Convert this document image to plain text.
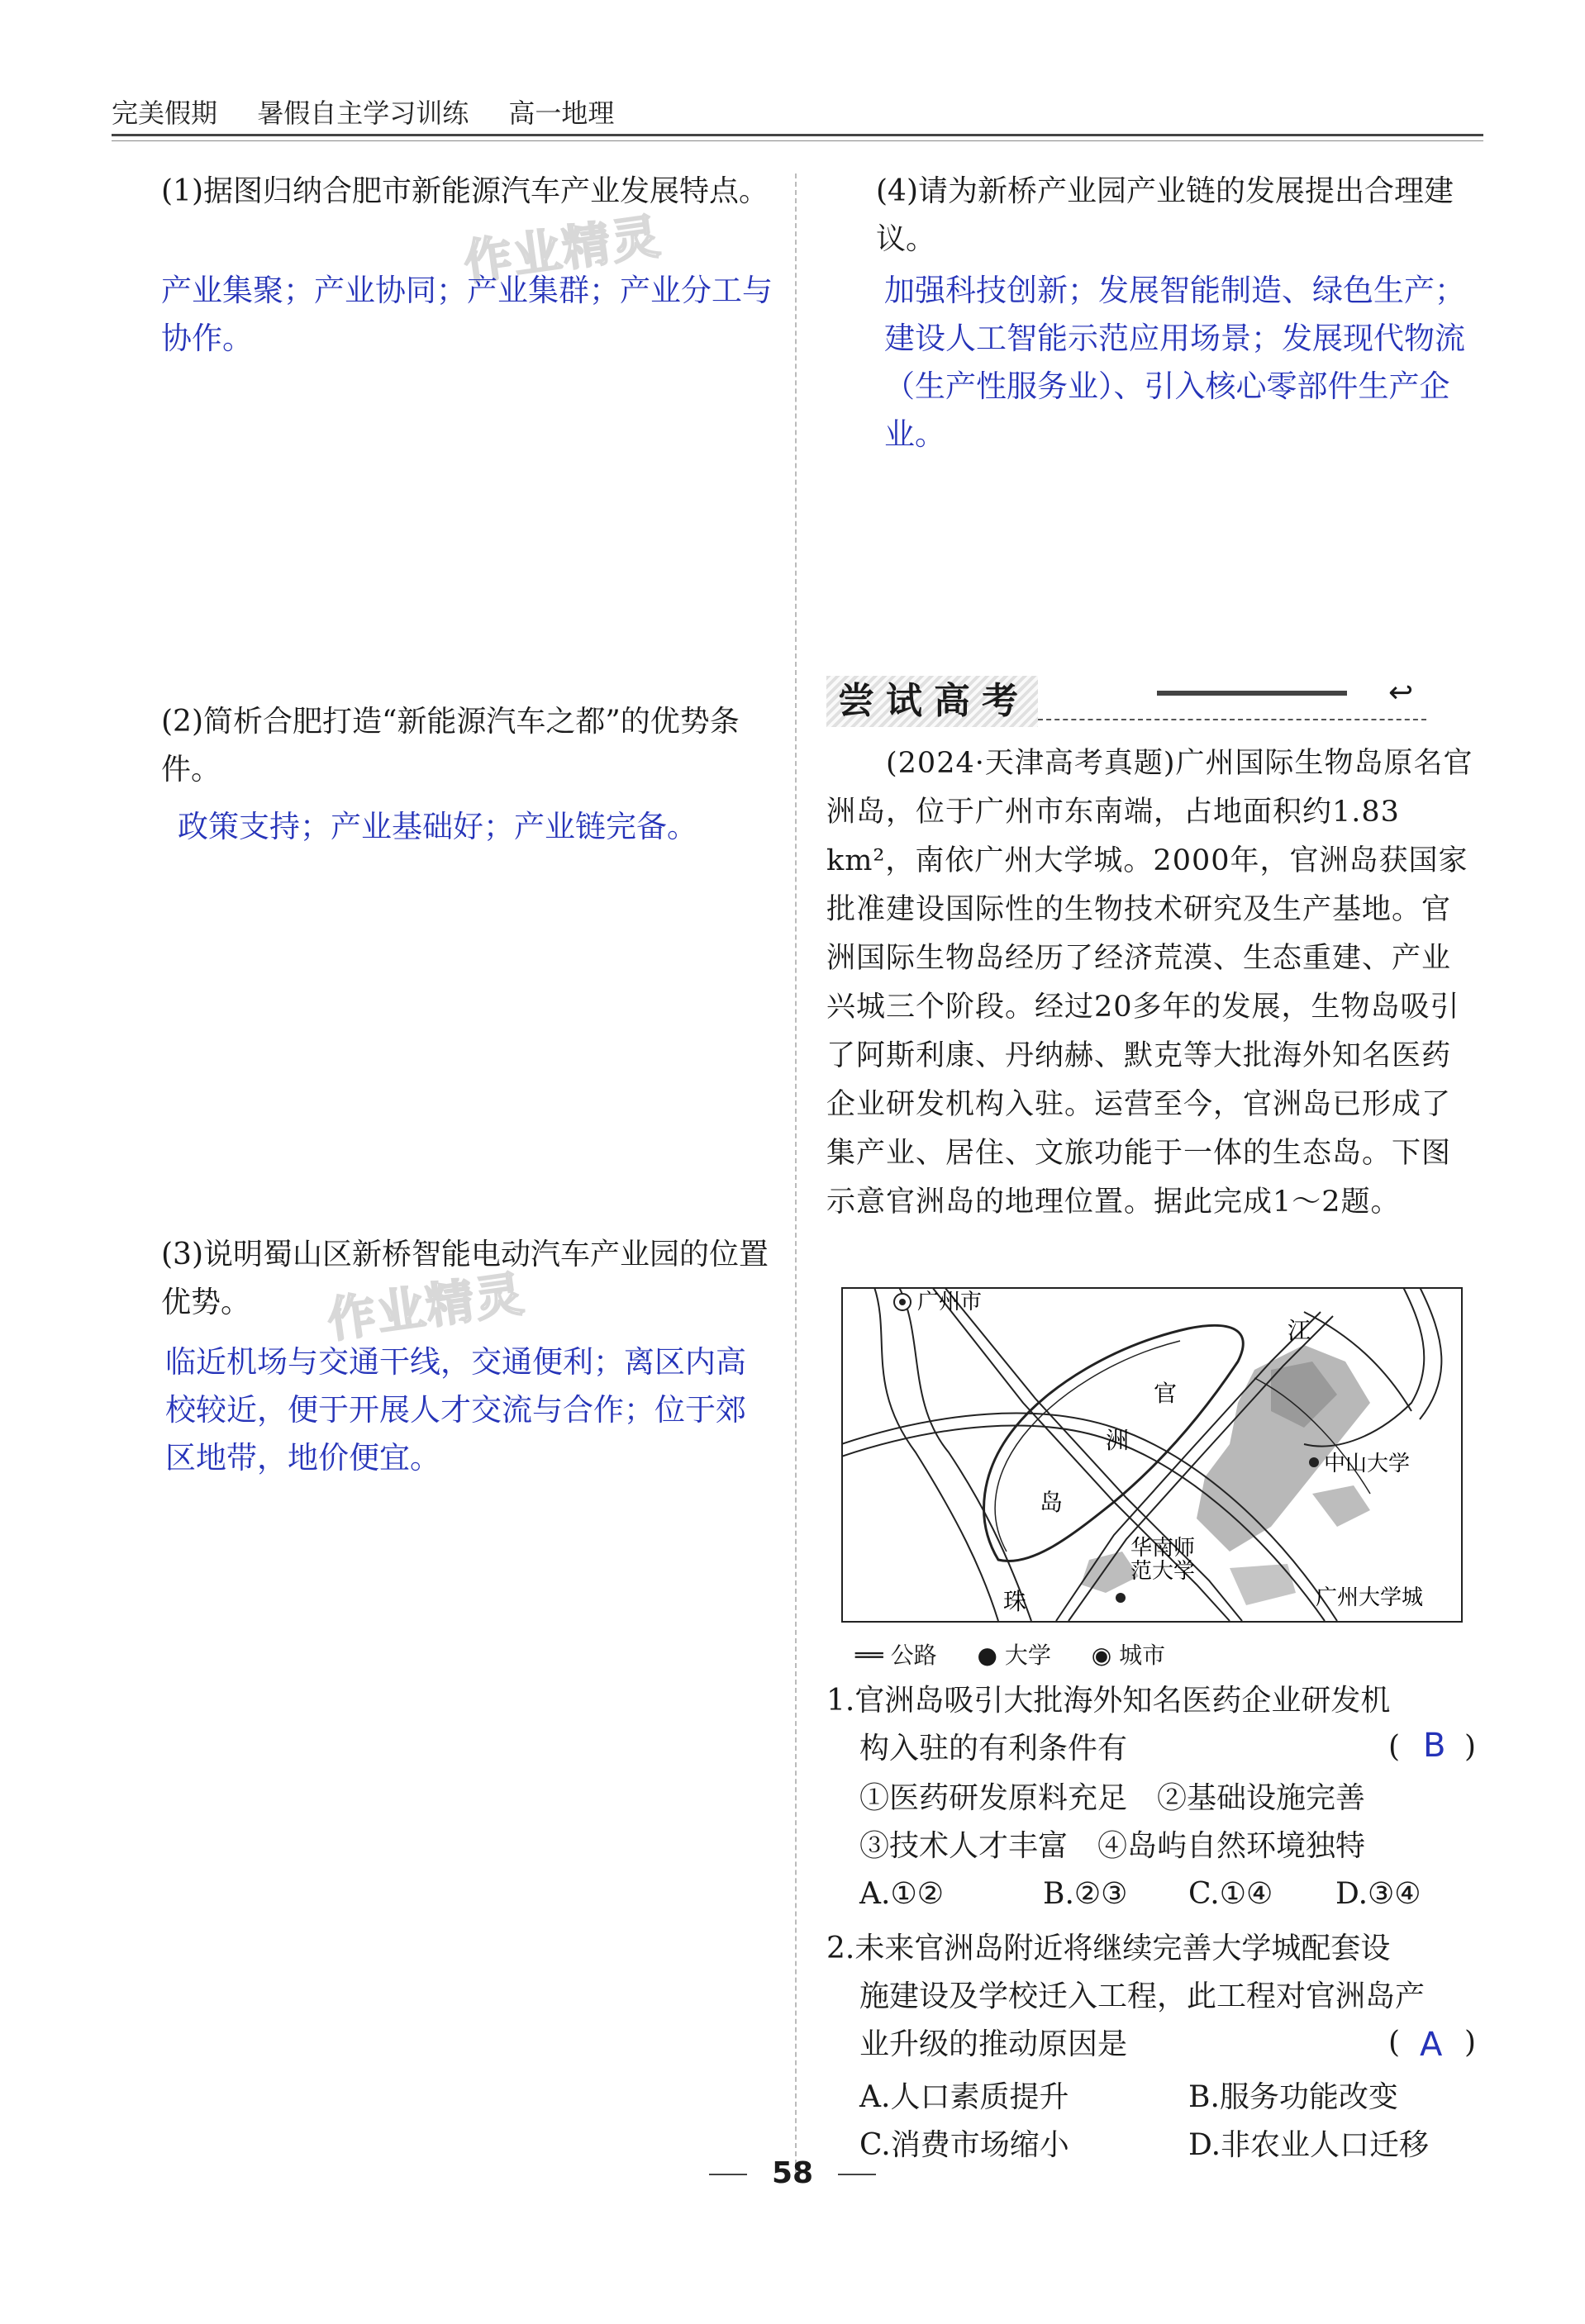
完美假期 暑假自主学习训练 高一地理
作业精灵
作业精灵
(1)据图归纳合肥市新能源汽车产业发展特点。
产业集聚；产业协同；产业集群；产业分工与协作。
(2)简析合肥打造“新能源汽车之都”的优势条件。
政策支持；产业基础好；产业链完备。
(3)说明蜀山区新桥智能电动汽车产业园的位置优势。
临近机场与交通干线，交通便利；离区内高校较近，便于开展人才交流与合作；位于郊区地带，地价便宜。
(4)请为新桥产业园产业链的发展提出合理建议。
加强科技创新；发展智能制造、绿色生产；建设人工智能示范应用场景；发展现代物流（生产性服务业）、引入核心零部件生产企业。
尝试高考	↩
　　(2024·天津高考真题)广州国际生物岛原名官洲岛，位于广州市东南端，占地面积约1.83 km²，南依广州大学城。2000年，官洲岛获国家批准建设国际性的生物技术研究及生产基地。官洲国际生物岛经历了经济荒漠、生态重建、产业兴城三个阶段。经过20多年的发展，生物岛吸引了阿斯利康、丹纳赫、默克等大批海外知名医药企业研发机构入驻。运营至今，官洲岛已形成了集产业、居住、文旅功能于一体的生态岛。下图示意官洲岛的地理位置。据此完成1～2题。
广州市
江
官
洲
岛
中山大学
华南师
范大学
珠	广州大学城
══ 公路 ● 大学 ◉ 城市
1.官洲岛吸引大批海外知名医药企业研发机
构入驻的有利条件有	( B )
①医药研发原料充足　②基础设施完善
③技术人才丰富　④岛屿自然环境独特
A.①②	B.②③ C.①④ D.③④
2.未来官洲岛附近将继续完善大学城配套设
施建设及学校迁入工程，此工程对官洲岛产
业升级的推动原因是	( A )
A.人口素质提升	B.服务功能改变
C.消费市场缩小	D.非农业人口迁移
58
